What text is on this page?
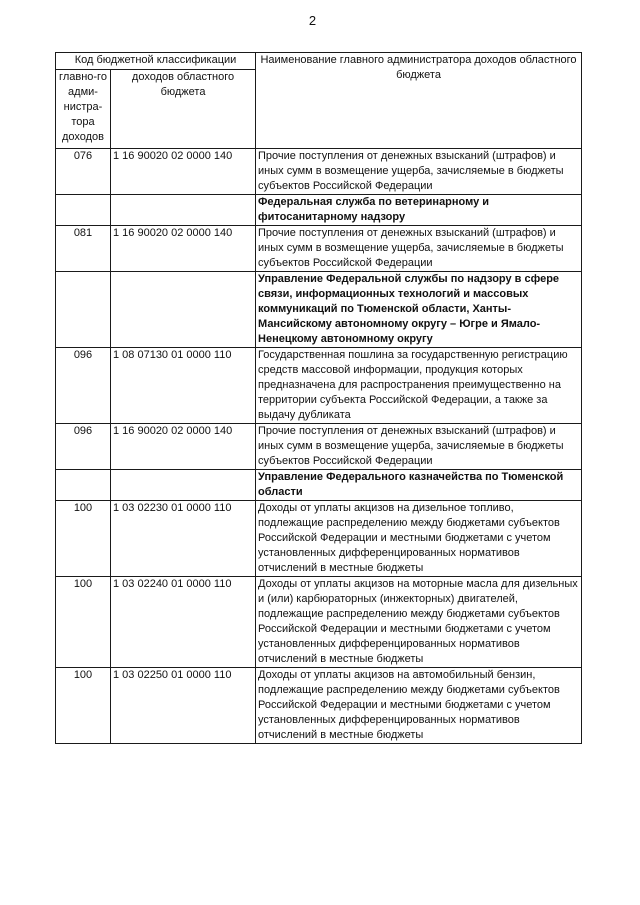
2
Код бюджетной классификации		Наименование главного администратора доходов областного бюджета
главно-го адми-нистра-тора доходов	доходов областного бюджета	
076	1 16 90020 02 0000 140	Прочие поступления от денежных взысканий (штрафов) и иных сумм в возмещение ущерба, зачисляемые в бюджеты субъектов Российской Федерации
		Федеральная служба по ветеринарному и фитосанитарному надзору
081	1 16 90020 02 0000 140	Прочие поступления от денежных взысканий (штрафов) и иных сумм в возмещение ущерба, зачисляемые в бюджеты субъектов Российской Федерации
		Управление Федеральной службы по надзору в сфере связи, информационных технологий и массовых коммуникаций по Тюменской области, Ханты-Мансийскому автономному округу – Югре и Ямало-Ненецкому автономному округу
096	1 08 07130 01 0000 110	Государственная пошлина за государственную регистрацию средств массовой информации, продукция которых предназначена для распространения преимущественно на территории субъекта Российской Федерации, а также за выдачу дубликата
096	1 16 90020 02 0000 140	Прочие поступления от денежных взысканий (штрафов) и иных сумм в возмещение ущерба, зачисляемые в бюджеты субъектов Российской Федерации
		Управление Федерального казначейства по Тюменской области
100	1 03 02230 01 0000 110	Доходы от уплаты акцизов на дизельное топливо, подлежащие распределению между бюджетами субъектов Российской Федерации и местными бюджетами с учетом установленных дифференцированных нормативов отчислений в местные бюджеты
100	1 03 02240 01 0000 110	Доходы от уплаты акцизов на моторные масла для дизельных и (или) карбюраторных (инжекторных) двигателей, подлежащие распределению между бюджетами субъектов Российской Федерации и местными бюджетами с учетом установленных дифференцированных нормативов отчислений в местные бюджеты
100	1 03 02250 01 0000 110	Доходы от уплаты акцизов на автомобильный бензин, подлежащие распределению между бюджетами субъектов Российской Федерации и местными бюджетами с учетом установленных дифференцированных нормативов отчислений в местные бюджеты
